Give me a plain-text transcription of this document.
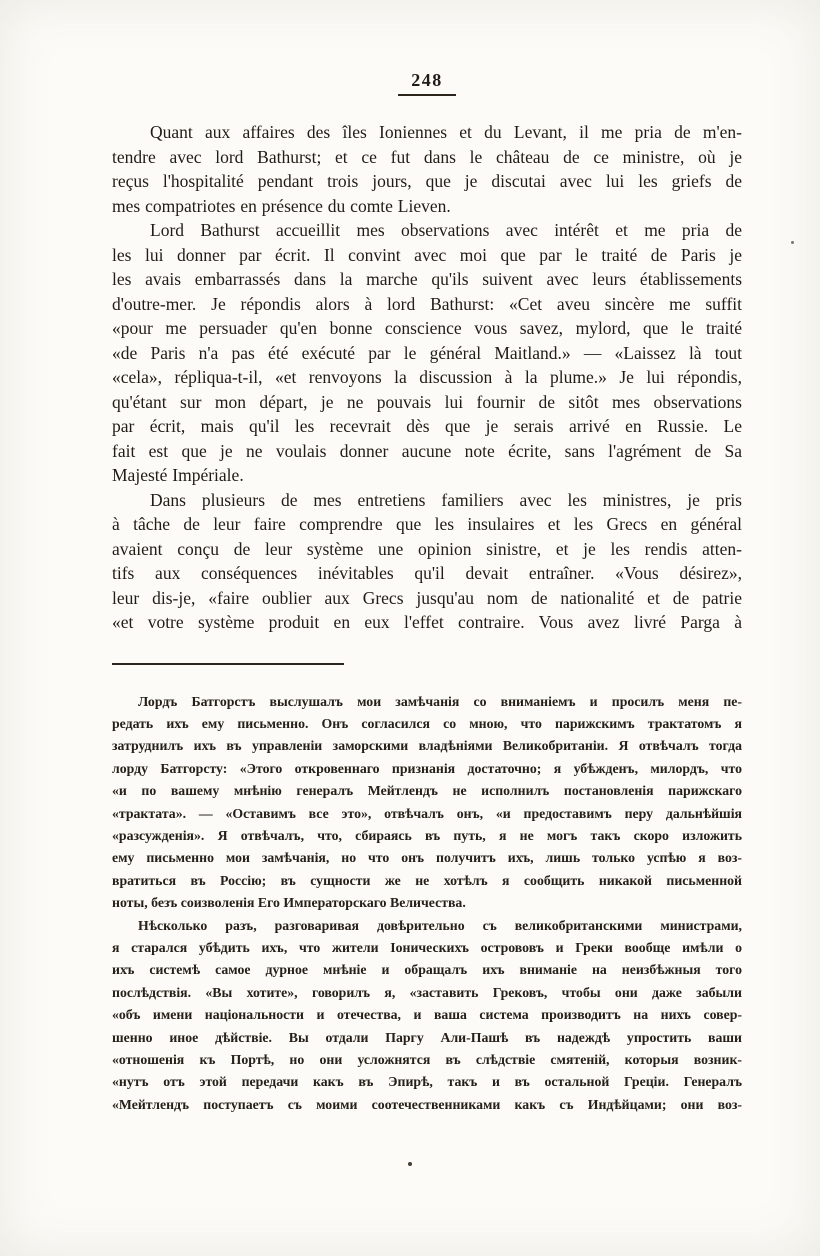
248
Quant aux affaires des îles Ioniennes et du Levant, il me pria de m'en-
tendre avec lord Bathurst; et ce fut dans le château de ce ministre, où je
reçus l'hospitalité pendant trois jours, que je discutai avec lui les griefs de
mes compatriotes en présence du comte Lieven.
Lord Bathurst accueillit mes observations avec intérêt et me pria de
les lui donner par écrit. Il convint avec moi que par le traité de Paris je
les avais embarrassés dans la marche qu'ils suivent avec leurs établissements
d'outre-mer. Je répondis alors à lord Bathurst: «Cet aveu sincère me suffit
«pour me persuader qu'en bonne conscience vous savez, mylord, que le traité
«de Paris n'a pas été exécuté par le général Maitland.» — «Laissez là tout
«cela», répliqua-t-il, «et renvoyons la discussion à la plume.» Je lui répondis,
qu'étant sur mon départ, je ne pouvais lui fournir de sitôt mes observations
par écrit, mais qu'il les recevrait dès que je serais arrivé en Russie. Le
fait est que je ne voulais donner aucune note écrite, sans l'agrément de Sa
Majesté Impériale.
Dans plusieurs de mes entretiens familiers avec les ministres, je pris
à tâche de leur faire comprendre que les insulaires et les Grecs en général
avaient conçu de leur système une opinion sinistre, et je les rendis atten-
tifs aux conséquences inévitables qu'il devait entraîner. «Vous désirez»,
leur dis-je, «faire oublier aux Grecs jusqu'au nom de nationalité et de patrie
«et votre système produit en eux l'effet contraire. Vous avez livré Parga à
Лордъ Батгорстъ выслушалъ мои замѣчанія со вниманіемъ и просилъ меня пе-
редать ихъ ему письменно. Онъ согласился со мною, что парижскимъ трактатомъ я
затруднилъ ихъ въ управленіи заморскими владѣніями Великобританіи. Я отвѣчалъ тогда
лорду Батгорсту: «Этого откровеннаго признанія достаточно; я убѣжденъ, милордъ, что
«и по вашему мнѣнію генералъ Мейтлендъ не исполнилъ постановленія парижскаго
«трактата». — «Оставимъ все это», отвѣчалъ онъ, «и предоставимъ перу дальнѣйшія
«разсужденія». Я отвѣчалъ, что, сбираясь въ путь, я не могъ такъ скоро изложить
ему письменно мои замѣчанія, но что онъ получитъ ихъ, лишь только успѣю я воз-
вратиться въ Россію; въ сущности же не хотѣлъ я сообщить никакой письменной
ноты, безъ соизволенія Его Императорскаго Величества.
Нѣсколько разъ, разговаривая довѣрительно съ великобританскими министрами,
я старался убѣдить ихъ, что жители Іоническихъ острововъ и Греки вообще имѣли о
ихъ системѣ самое дурное мнѣніе и обращалъ ихъ вниманіе на неизбѣжныя того
послѣдствія. «Вы хотите», говорилъ я, «заставить Грековъ, чтобы они даже забыли
«объ имени національности и отечества, и ваша система производитъ на нихъ совер-
шенно иное дѣйствіе. Вы отдали Паргу Али-Пашѣ въ надеждѣ упростить ваши
«отношенія къ Портѣ, но они усложнятся въ слѣдствіе смятеній, которыя возник-
«нутъ отъ этой передачи какъ въ Эпирѣ, такъ и въ остальной Греціи. Генералъ
«Мейтлендъ поступаетъ съ моими соотечественниками какъ съ Индѣйцами; они воз-
